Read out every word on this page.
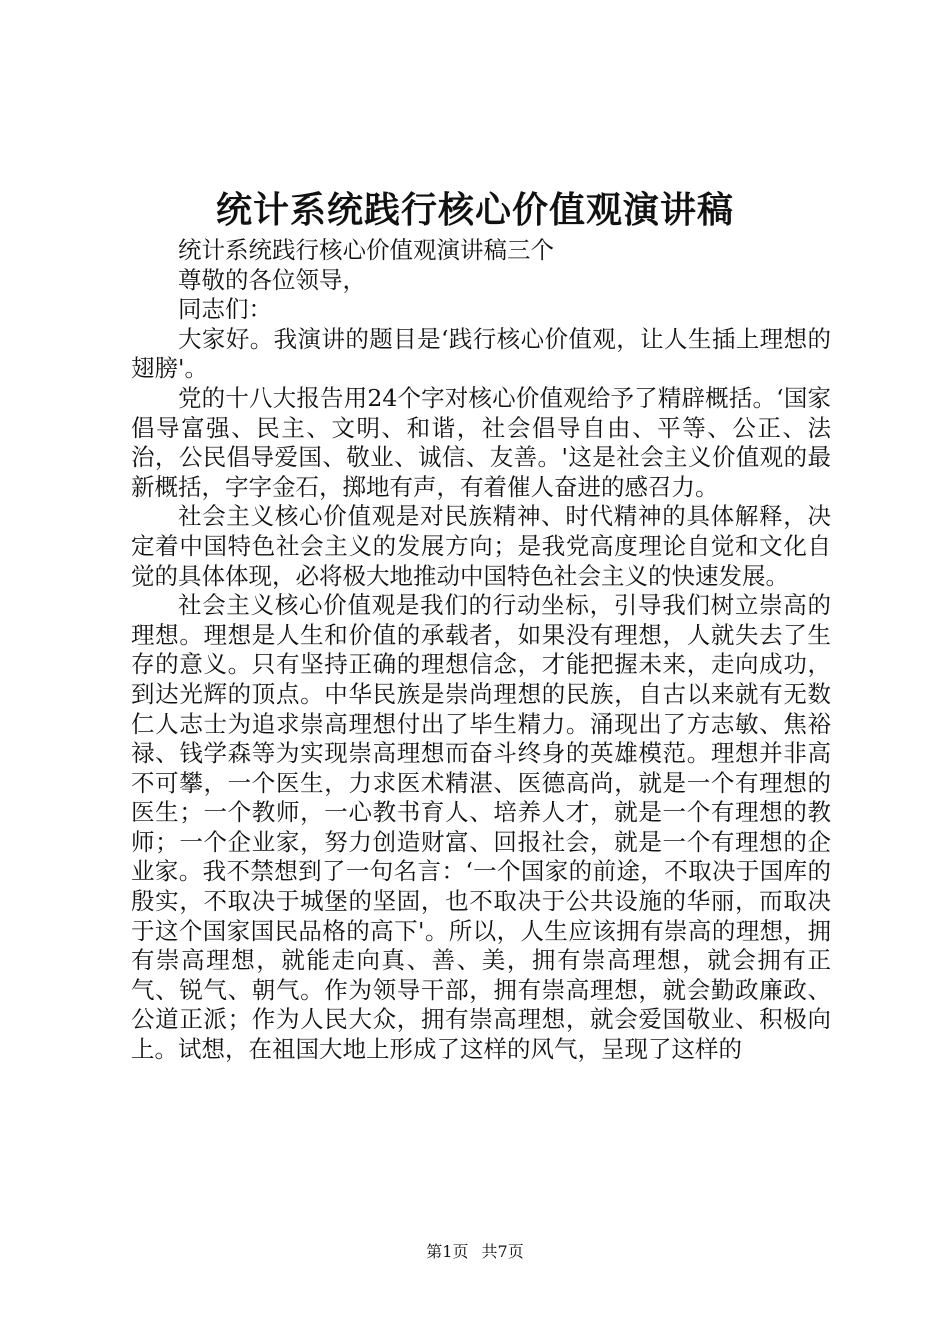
统计系统践行核心价值观演讲稿

统计系统践行核心价值观演讲稿三个

尊敬的各位领导，

同志们：

大家好。我演讲的题目是‘践行核心价值观，让人生插上理想的翅膀'。

党的十八大报告用24个字对核心价值观给予了精辟概括。‘国家倡导富强、民主、文明、和谐，社会倡导自由、平等、公正、法治，公民倡导爱国、敬业、诚信、友善。'这是社会主义价值观的最新概括，字字金石，掷地有声，有着催人奋进的感召力。

社会主义核心价值观是对民族精神、时代精神的具体解释，决定着中国特色社会主义的发展方向；是我党高度理论自觉和文化自觉的具体体现，必将极大地推动中国特色社会主义的快速发展。

社会主义核心价值观是我们的行动坐标，引导我们树立崇高的理想。理想是人生和价值的承载者，如果没有理想，人就失去了生存的意义。只有坚持正确的理想信念，才能把握未来，走向成功，到达光辉的顶点。中华民族是崇尚理想的民族，自古以来就有无数仁人志士为追求崇高理想付出了毕生精力。涌现出了方志敏、焦裕禄、钱学森等为实现崇高理想而奋斗终身的英雄模范。理想并非高不可攀，一个医生，力求医术精湛、医德高尚，就是一个有理想的医生；一个教师，一心教书育人、培养人才，就是一个有理想的教师；一个企业家，努力创造财富、回报社会，就是一个有理想的企业家。我不禁想到了一句名言：‘一个国家的前途，不取决于国库的殷实，不取决于城堡的坚固，也不取决于公共设施的华丽，而取决于这个国家国民品格的高下'。所以，人生应该拥有崇高的理想，拥有崇高理想，就能走向真、善、美，拥有崇高理想，就会拥有正气、锐气、朝气。作为领导干部，拥有崇高理想，就会勤政廉政、公道正派；作为人民大众，拥有崇高理想，就会爱国敬业、积极向上。试想，在祖国大地上形成了这样的风气，呈现了这样的

第1页 共7页
